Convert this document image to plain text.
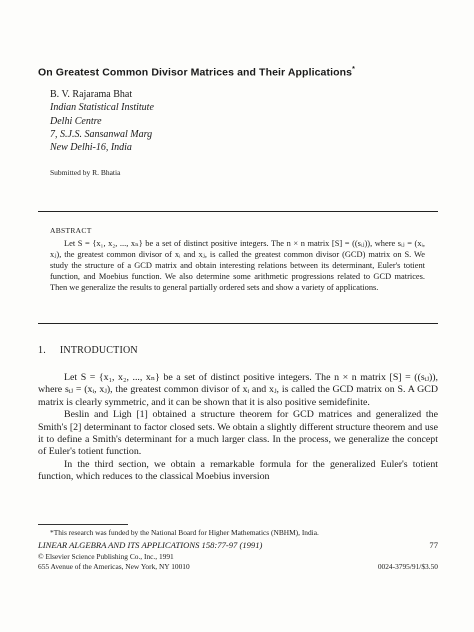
On Greatest Common Divisor Matrices and Their Applications*
B. V. Rajarama Bhat
Indian Statistical Institute
Delhi Centre
7, S.J.S. Sansanwal Marg
New Delhi-16, India
Submitted by R. Bhatia
ABSTRACT

Let S = {x₁, x₂, ..., xₙ} be a set of distinct positive integers. The n × n matrix [S] = ((sᵢⱼ)), where sᵢⱼ = (xᵢ, xⱼ), the greatest common divisor of xᵢ and xⱼ, is called the greatest common divisor (GCD) matrix on S. We study the structure of a GCD matrix and obtain interesting relations between its determinant, Euler's totient function, and Moebius function. We also determine some arithmetic progressions related to GCD matrices. Then we generalize the results to general partially ordered sets and show a variety of applications.

1. INTRODUCTION

Let S = {x₁, x₂, ..., xₙ} be a set of distinct positive integers. The n × n matrix [S] = ((sᵢⱼ)), where sᵢⱼ = (xᵢ, xⱼ), the greatest common divisor of xᵢ and xⱼ, is called the GCD matrix on S. A GCD matrix is clearly symmetric, and it can be shown that it is also positive semidefinite.

Beslin and Ligh [1] obtained a structure theorem for GCD matrices and generalized the Smith's [2] determinant to factor closed sets. We obtain a slightly different structure theorem and use it to define a Smith's determinant for a much larger class. In the process, we generalize the concept of Euler's totient function.

In the third section, we obtain a remarkable formula for the generalized Euler's totient function, which reduces to the classical Moebius inversion

*This research was funded by the National Board for Higher Mathematics (NBHM), India.
LINEAR ALGEBRA AND ITS APPLICATIONS 158:77-97 (1991)	77
© Elsevier Science Publishing Co., Inc., 1991
655 Avenue of the Americas, New York, NY 10010	0024-3795/91/$3.50
